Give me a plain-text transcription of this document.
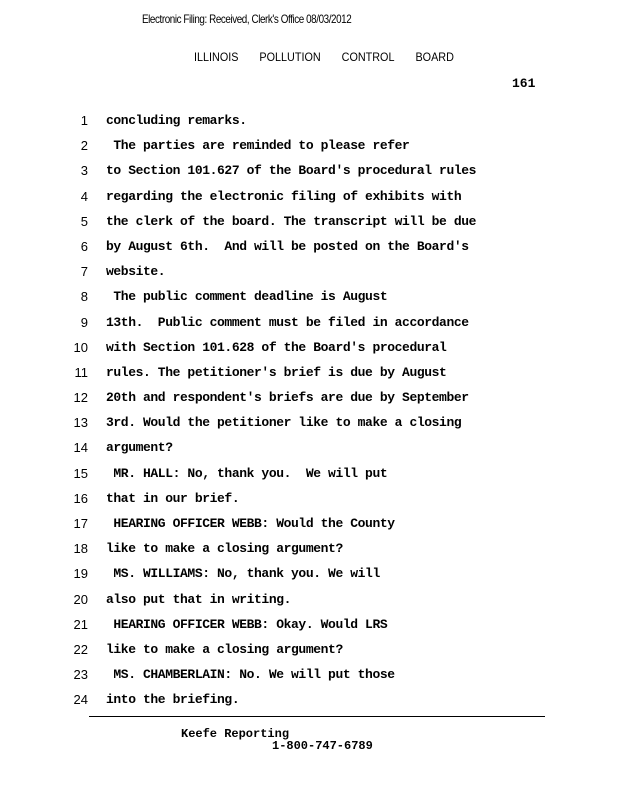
Electronic Filing: Received, Clerk's Office 08/03/2012
ILLINOIS POLLUTION CONTROL BOARD
161
1 concluding remarks.
2 The parties are reminded to please refer
3 to Section 101.627 of the Board's procedural rules
4 regarding the electronic filing of exhibits with
5 the clerk of the board. The transcript will be due
6 by August 6th.  And will be posted on the Board's
7 website.
8 The public comment deadline is August
9 13th.  Public comment must be filed in accordance
10 with Section 101.628 of the Board's procedural
11 rules. The petitioner's brief is due by August
12 20th and respondent's briefs are due by September
13 3rd. Would the petitioner like to make a closing
14 argument?
15 MR. HALL: No, thank you.  We will put
16 that in our brief.
17 HEARING OFFICER WEBB: Would the County
18 like to make a closing argument?
19 MS. WILLIAMS: No, thank you. We will
20 also put that in writing.
21 HEARING OFFICER WEBB: Okay. Would LRS
22 like to make a closing argument?
23 MS. CHAMBERLAIN: No. We will put those
24 into the briefing.
Keefe Reporting
1-800-747-6789
